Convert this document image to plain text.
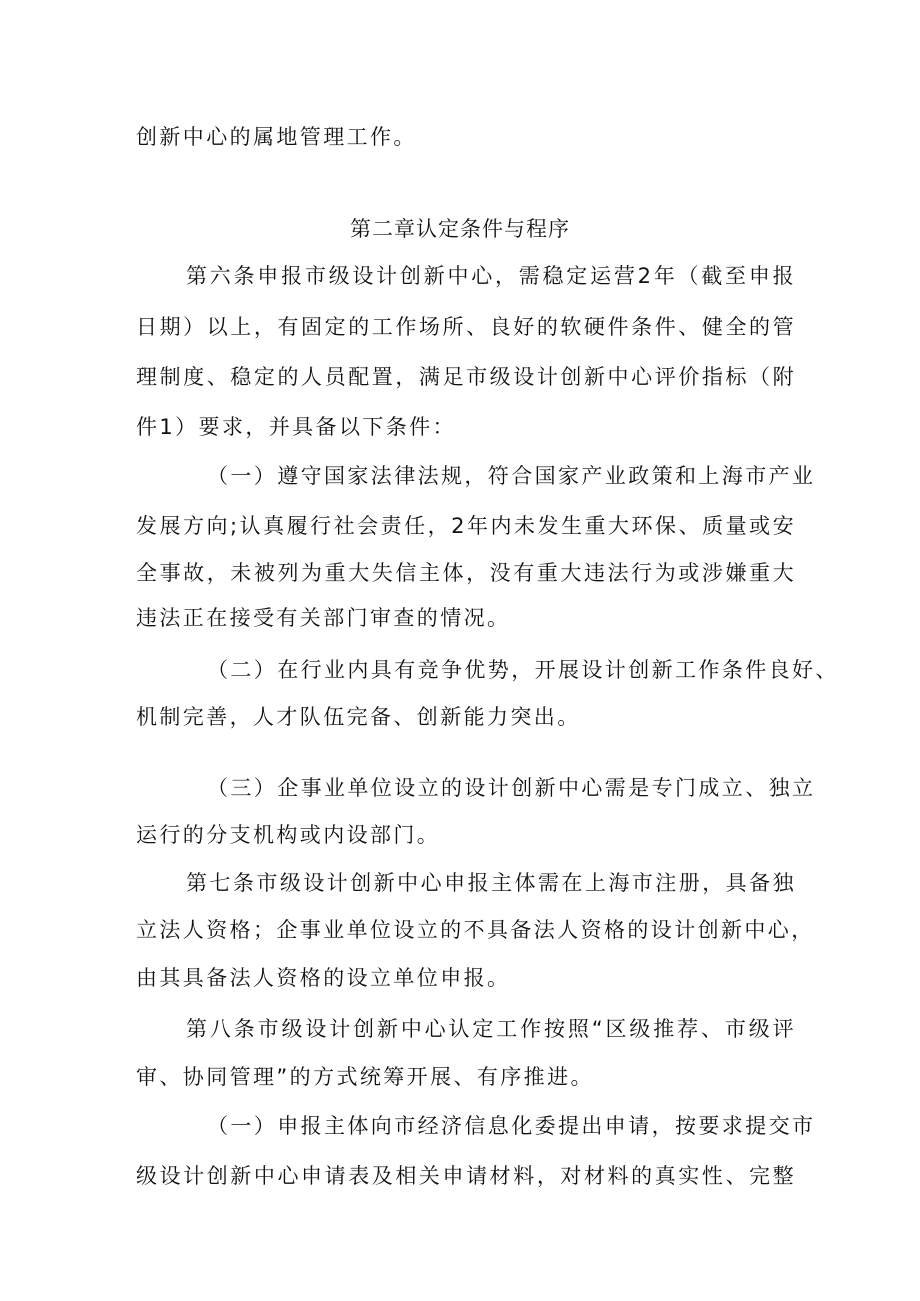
创新中心的属地管理工作。
第二章认定条件与程序
第六条申报市级设计创新中心，需稳定运营2年（截至申报
日期）以上，有固定的工作场所、良好的软硬件条件、健全的管
理制度、稳定的人员配置，满足市级设计创新中心评价指标（附
件1）要求，并具备以下条件：
（一）遵守国家法律法规，符合国家产业政策和上海市产业
发展方向;认真履行社会责任，2年内未发生重大环保、质量或安
全事故，未被列为重大失信主体，没有重大违法行为或涉嫌重大
违法正在接受有关部门审查的情况。
（二）在行业内具有竞争优势，开展设计创新工作条件良好、
机制完善，人才队伍完备、创新能力突出。
（三）企事业单位设立的设计创新中心需是专门成立、独立
运行的分支机构或内设部门。
第七条市级设计创新中心申报主体需在上海市注册，具备独
立法人资格；企事业单位设立的不具备法人资格的设计创新中心，
由其具备法人资格的设立单位申报。
第八条市级设计创新中心认定工作按照“区级推荐、市级评
审、协同管理”的方式统筹开展、有序推进。
（一）申报主体向市经济信息化委提出申请，按要求提交市
级设计创新中心申请表及相关申请材料，对材料的真实性、完整
